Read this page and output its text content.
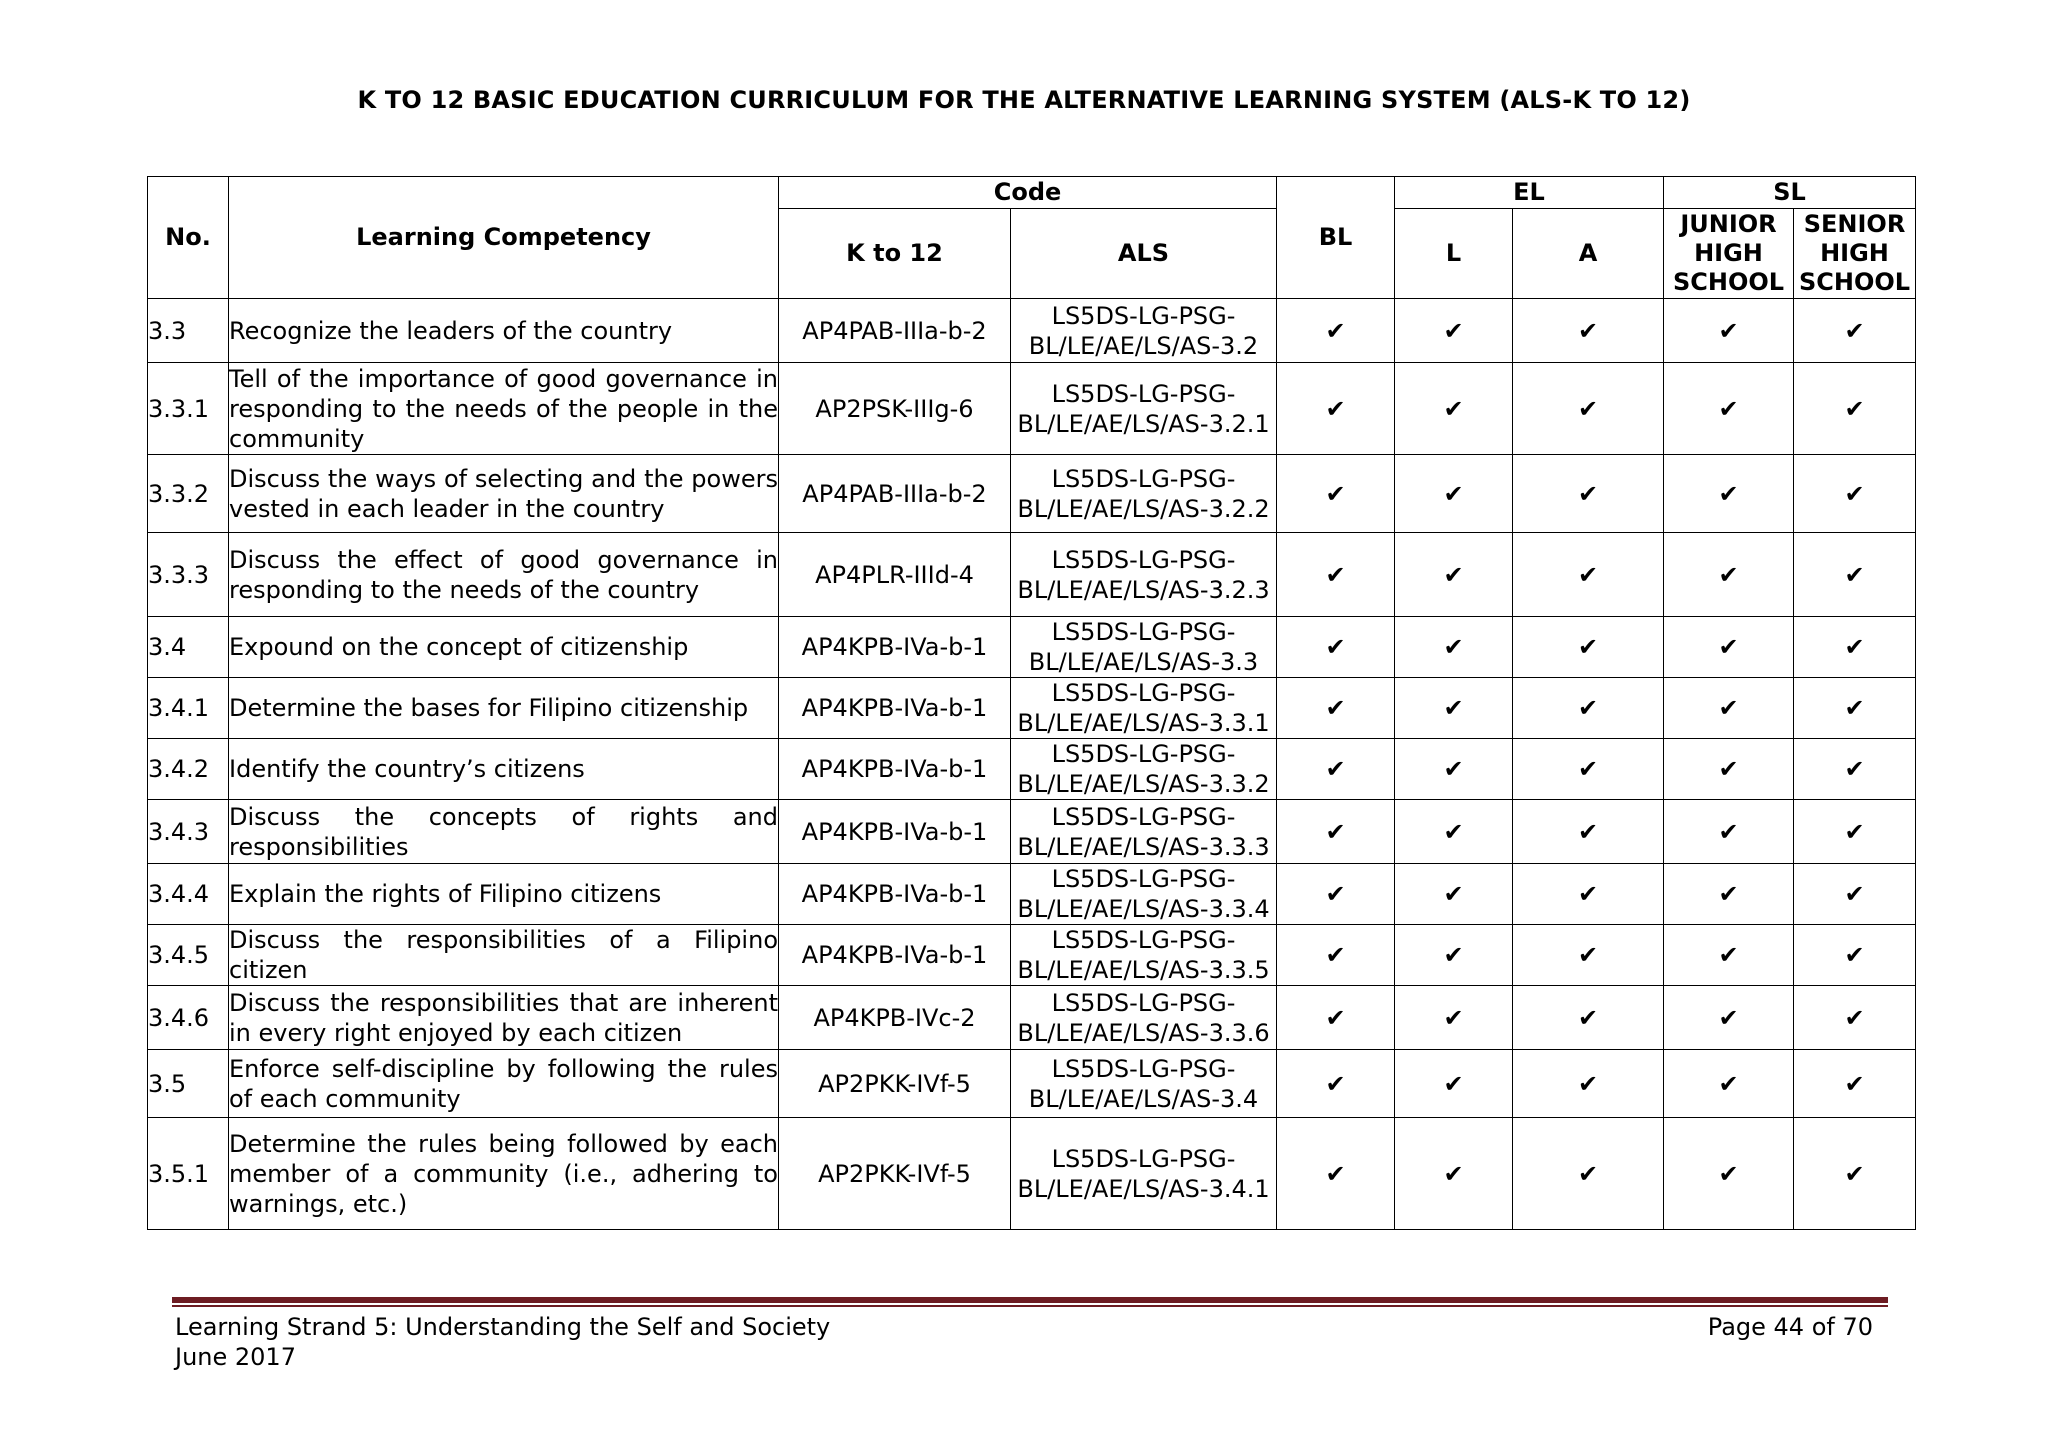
K TO 12 BASIC EDUCATION CURRICULUM FOR THE ALTERNATIVE LEARNING SYSTEM (ALS-K TO 12)
No.	Learning Competency	Code		BL	EL		SL	
		K to 12	ALS		L	A	JUNIOR HIGH SCHOOL	SENIOR HIGH SCHOOL
3.3	Recognize the leaders of the country	AP4PAB-IIIa-b-2	LS5DS-LG-PSG-BL/LE/AE/LS/AS-3.2	✔	✔	✔	✔	✔
3.3.1	Tell of the importance of good governance in responding to the needs of the people in the community	AP2PSK-IIIg-6	LS5DS-LG-PSG-BL/LE/AE/LS/AS-3.2.1	✔	✔	✔	✔	✔
3.3.2	Discuss the ways of selecting and the powers vested in each leader in the country	AP4PAB-IIIa-b-2	LS5DS-LG-PSG-BL/LE/AE/LS/AS-3.2.2	✔	✔	✔	✔	✔
3.3.3	Discuss the effect of good governance in responding to the needs of the country	AP4PLR-IIId-4	LS5DS-LG-PSG-BL/LE/AE/LS/AS-3.2.3	✔	✔	✔	✔	✔
3.4	Expound on the concept of citizenship	AP4KPB-IVa-b-1	LS5DS-LG-PSG-BL/LE/AE/LS/AS-3.3	✔	✔	✔	✔	✔
3.4.1	Determine the bases for Filipino citizenship	AP4KPB-IVa-b-1	LS5DS-LG-PSG-BL/LE/AE/LS/AS-3.3.1	✔	✔	✔	✔	✔
3.4.2	Identify the country’s citizens	AP4KPB-IVa-b-1	LS5DS-LG-PSG-BL/LE/AE/LS/AS-3.3.2	✔	✔	✔	✔	✔
3.4.3	Discuss the concepts of rights and responsibilities	AP4KPB-IVa-b-1	LS5DS-LG-PSG-BL/LE/AE/LS/AS-3.3.3	✔	✔	✔	✔	✔
3.4.4	Explain the rights of Filipino citizens	AP4KPB-IVa-b-1	LS5DS-LG-PSG-BL/LE/AE/LS/AS-3.3.4	✔	✔	✔	✔	✔
3.4.5	Discuss the responsibilities of a Filipino citizen	AP4KPB-IVa-b-1	LS5DS-LG-PSG-BL/LE/AE/LS/AS-3.3.5	✔	✔	✔	✔	✔
3.4.6	Discuss the responsibilities that are inherent in every right enjoyed by each citizen	AP4KPB-IVc-2	LS5DS-LG-PSG-BL/LE/AE/LS/AS-3.3.6	✔	✔	✔	✔	✔
3.5	Enforce self-discipline by following the rules of each community	AP2PKK-IVf-5	LS5DS-LG-PSG-BL/LE/AE/LS/AS-3.4	✔	✔	✔	✔	✔
3.5.1	Determine the rules being followed by each member of a community (i.e., adhering to warnings, etc.)	AP2PKK-IVf-5	LS5DS-LG-PSG-BL/LE/AE/LS/AS-3.4.1	✔	✔	✔	✔	✔
Learning Strand 5: Understanding the Self and Society
June 2017
Page 44 of 70
